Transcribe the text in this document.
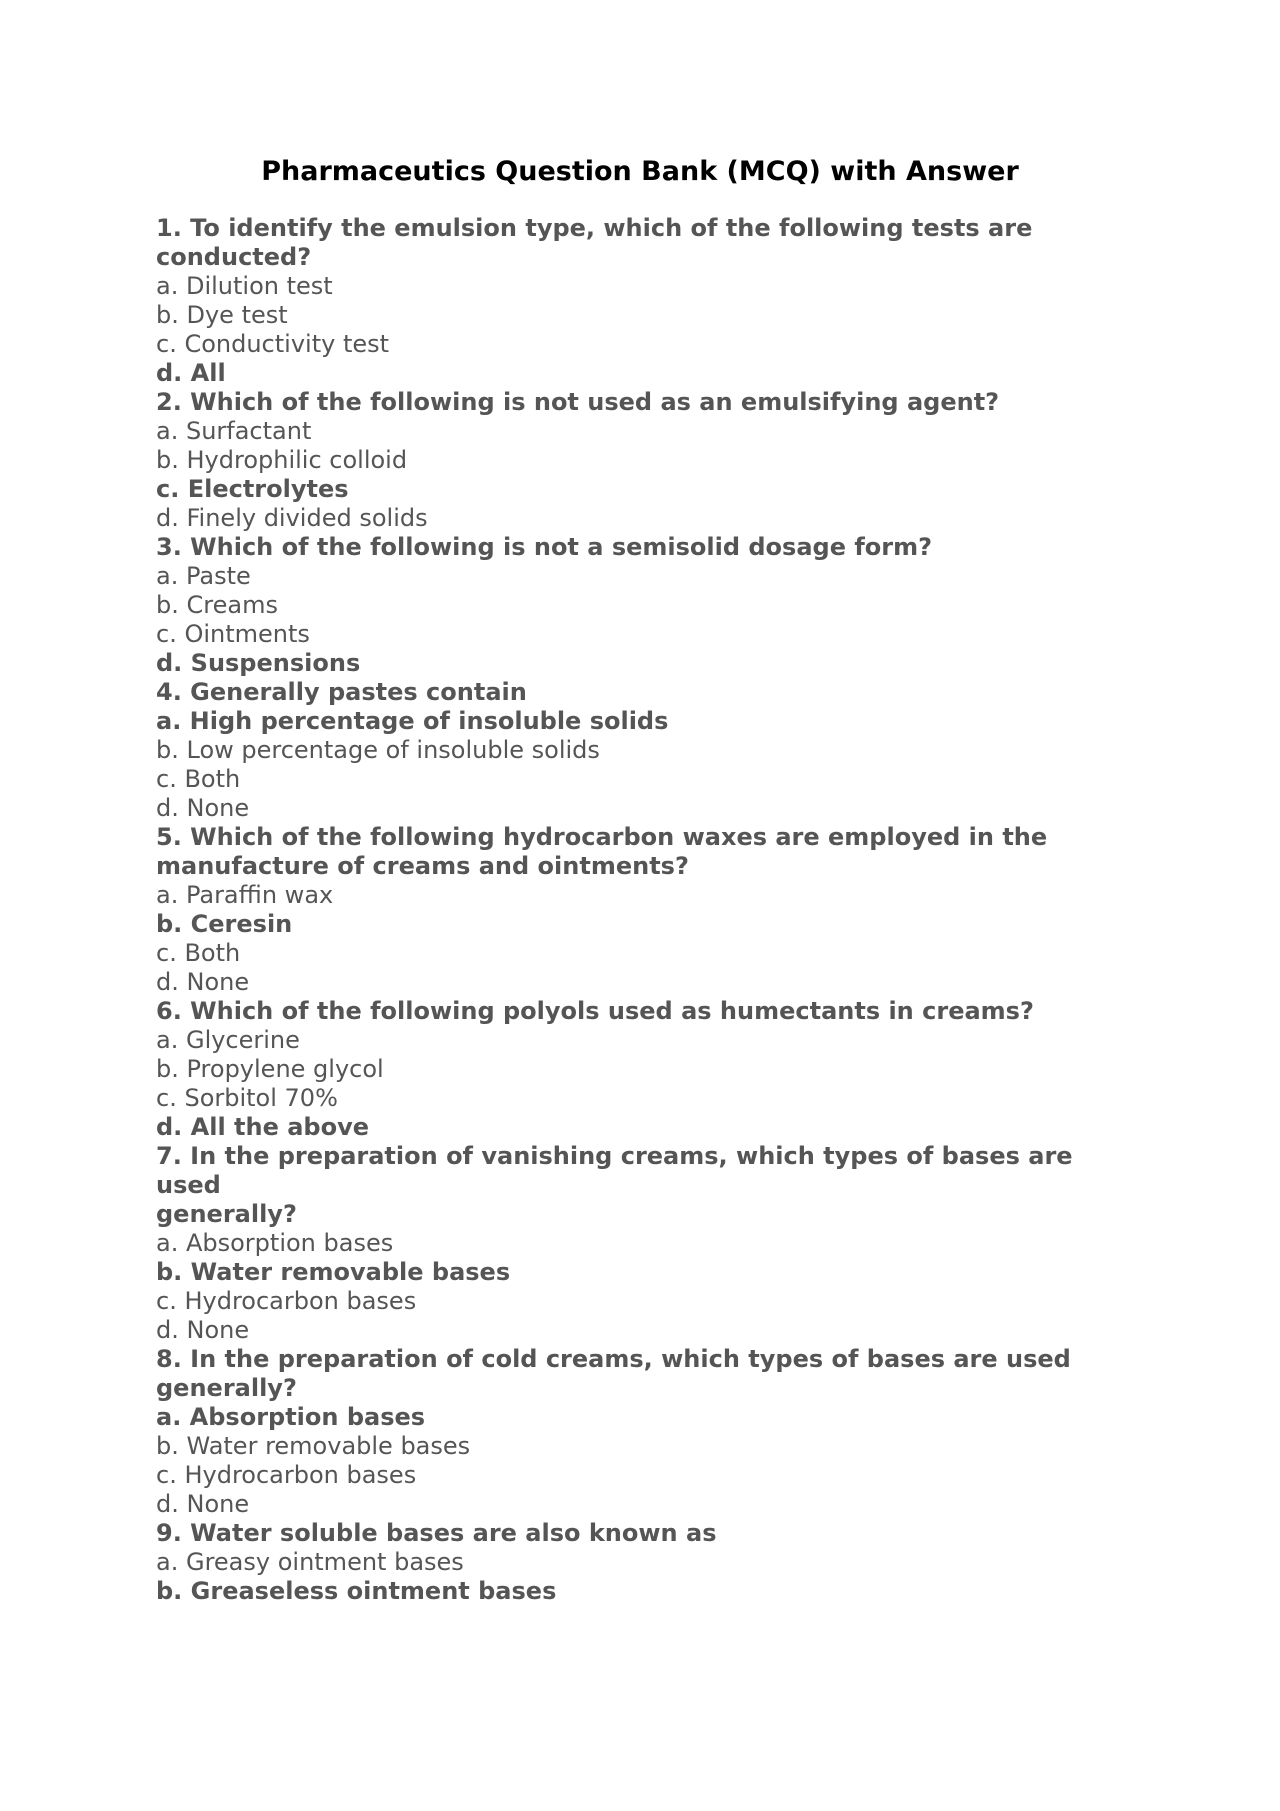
Pharmaceutics Question Bank (MCQ) with Answer

1. To identify the emulsion type, which of the following tests are conducted?

a. Dilution test

b. Dye test

c. Conductivity test

d. All

2. Which of the following is not used as an emulsifying agent?

a. Surfactant

b. Hydrophilic colloid

c. Electrolytes

d. Finely divided solids

3. Which of the following is not a semisolid dosage form?

a. Paste

b. Creams

c. Ointments

d. Suspensions

4. Generally pastes contain

a. High percentage of insoluble solids

b. Low percentage of insoluble solids

c. Both

d. None

5. Which of the following hydrocarbon waxes are employed in the manufacture of creams and ointments?

a. Paraffin wax

b. Ceresin

c. Both

d. None

6. Which of the following polyols used as humectants in creams?

a. Glycerine

b. Propylene glycol

c. Sorbitol 70%

d. All the above

7. In the preparation of vanishing creams, which types of bases are used

generally?

a. Absorption bases

b. Water removable bases

c. Hydrocarbon bases

d. None

8. In the preparation of cold creams, which types of bases are used generally?

a. Absorption bases

b. Water removable bases

c. Hydrocarbon bases

d. None

9. Water soluble bases are also known as

a. Greasy ointment bases

b. Greaseless ointment bases
